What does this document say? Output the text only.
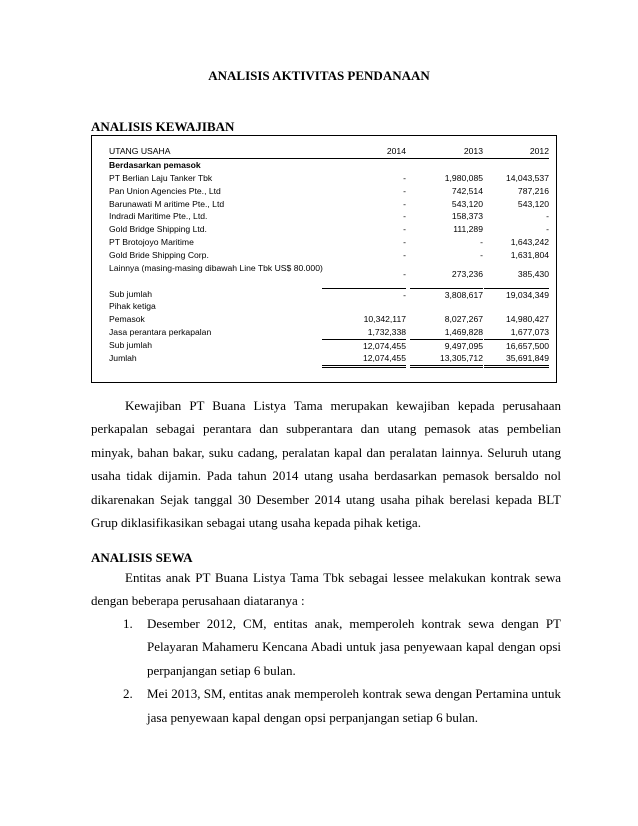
ANALISIS AKTIVITAS PENDANAAN
ANALISIS KEWAJIBAN
UTANG USAHA	2014	2013	2012
Berdasarkan pemasok
PT Berlian Laju Tanker Tbk	-	1,980,085	14,043,537
Pan Union Agencies Pte., Ltd	-	742,514	787,216
Barunawati M aritime Pte., Ltd	-	543,120	543,120
Indradi Maritime Pte., Ltd.	-	158,373	-
Gold Bridge Shipping Ltd.	-	111,289	-
PT Brotojoyo Maritime	-	-	1,643,242
Gold Bride Shipping Corp.	-	-	1,631,804
Lainnya (masing-masing dibawah Line Tbk US$ 80.000)
-	273,236	385,430
Sub jumlah	-	3,808,617	19,034,349
Pihak ketiga
Pemasok	10,342,117	8,027,267	14,980,427
Jasa perantara perkapalan	1,732,338	1,469,828	1,677,073
Sub jumlah	12,074,455	9,497,095	16,657,500
Jumlah	12,074,455	13,305,712	35,691,849
Kewajiban PT Buana Listya Tama merupakan kewajiban kepada perusahaan perkapalan sebagai perantara dan subperantara dan utang pemasok atas pembelian minyak, bahan bakar, suku cadang, peralatan kapal dan peralatan lainnya. Seluruh utang usaha tidak dijamin. Pada tahun 2014 utang usaha berdasarkan pemasok bersaldo nol dikarenakan Sejak tanggal 30 Desember 2014 utang usaha pihak berelasi kepada BLT Grup diklasifikasikan sebagai utang usaha kepada pihak ketiga.
ANALISIS SEWA
Entitas anak PT Buana Listya Tama Tbk sebagai lessee melakukan kontrak sewa dengan beberapa perusahaan diataranya :
1. Desember 2012, CM, entitas anak, memperoleh kontrak sewa dengan PT Pelayaran Mahameru Kencana Abadi untuk jasa penyewaan kapal dengan opsi perpanjangan setiap 6 bulan.
2. Mei 2013, SM, entitas anak memperoleh kontrak sewa dengan Pertamina untuk jasa penyewaan kapal dengan opsi perpanjangan setiap 6 bulan.
